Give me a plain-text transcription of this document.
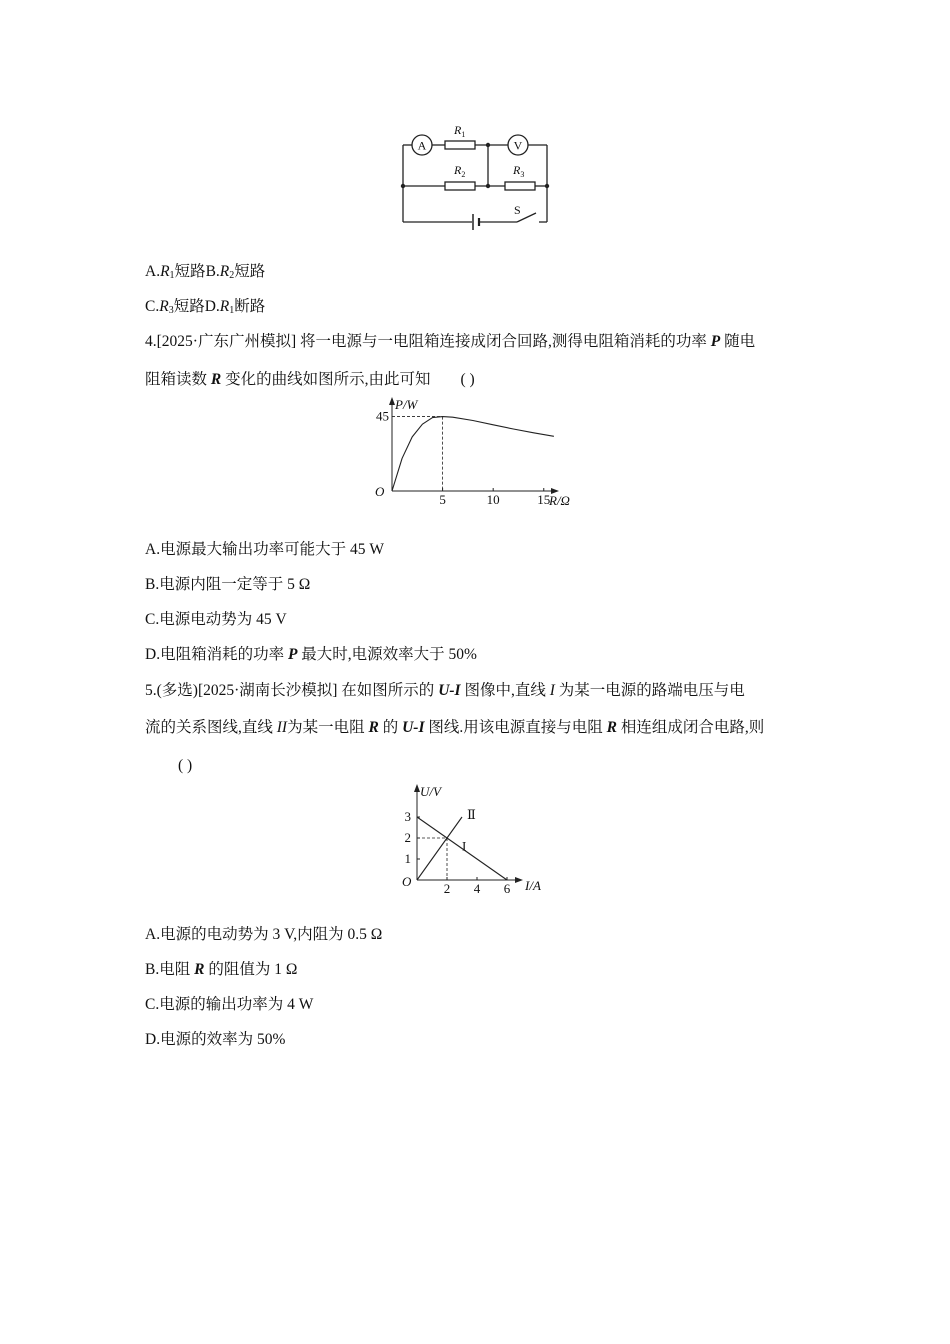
A	V
$R_1$
$R_2$	$R_3$
S
$A.R_1$短路$B.R_2$短路
$C.R_3$短路$D.R_1$断路
4.[2025·广东广州模拟] 将一电源与一电阻箱连接成闭合回路,测得电阻箱消耗的功率 P 随电
阻箱读数 R 变化的曲线如图所示,由此可知 ( )
P/W
R/Ω
O
5	10	15
45
A.电源最大输出功率可能大于 45 W
B.电源内阻一定等于 5 Ω
C.电源电动势为 45 V
D.电阻箱消耗的功率 P 最大时,电源效率大于 50%
5.(多选)[2025·湖南长沙模拟] 在如图所示的 U-I 图像中,直线 I 为某一电源的路端电压与电
流的关系图线,直线 II为某一电阻 R 的 U-I 图线.用该电源直接与电阻 R 相连组成闭合电路,则
( )
U/V
I/A
O 2 4 6
1
2
3
I
Ⅱ
A.电源的电动势为 3 V,内阻为 0.5 Ω
B.电阻 R 的阻值为 1 Ω
C.电源的输出功率为 4 W
D.电源的效率为 50%
